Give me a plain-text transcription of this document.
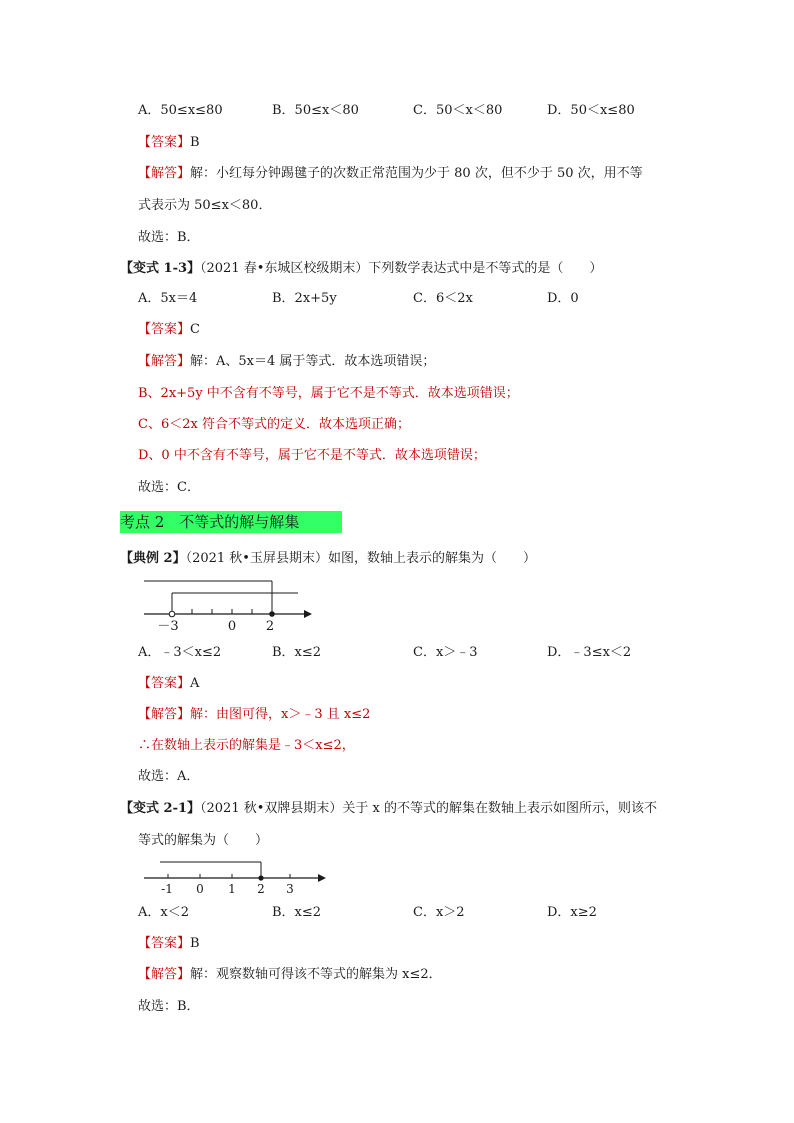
A．50≤x≤80	B．50≤x＜80	C．50＜x＜80	D．50＜x≤80
【答案】B
【解答】解：小红每分钟踢毽子的次数正常范围为少于 80 次，但不少于 50 次，用不等
式表示为 50≤x＜80．
故选：B．
【变式 1-3】（2021 春•东城区校级期末）下列数学表达式中是不等式的是（　　）
A．5x＝4	B．2x+5y	C．6＜2x	D．0
【答案】C
【解答】解：A、5x＝4 属于等式．故本选项错误；
B、2x+5y 中不含有不等号，属于它不是不等式．故本选项错误；
C、6＜2x 符合不等式的定义．故本选项正确；
D、0 中不含有不等号，属于它不是不等式．故本选项错误；
故选：C．
考点 2　不等式的解与解集
【典例 2】（2021 秋•玉屏县期末）如图，数轴上表示的解集为（　　）
－3	0 2
A．﹣3＜x≤2	B．x≤2	C．x＞﹣3	D．﹣3≤x＜2
【答案】A
【解答】解：由图可得，x＞﹣3 且 x≤2
∴在数轴上表示的解集是﹣3＜x≤2，
故选：A．
【变式 2-1】（2021 秋•双牌县期末）关于 x 的不等式的解集在数轴上表示如图所示，则该不
等式的解集为（　　）
-1 0 1 2 3
A．x＜2	B．x≤2	C．x＞2	D．x≥2
【答案】B
【解答】解：观察数轴可得该不等式的解集为 x≤2．
故选：B．
